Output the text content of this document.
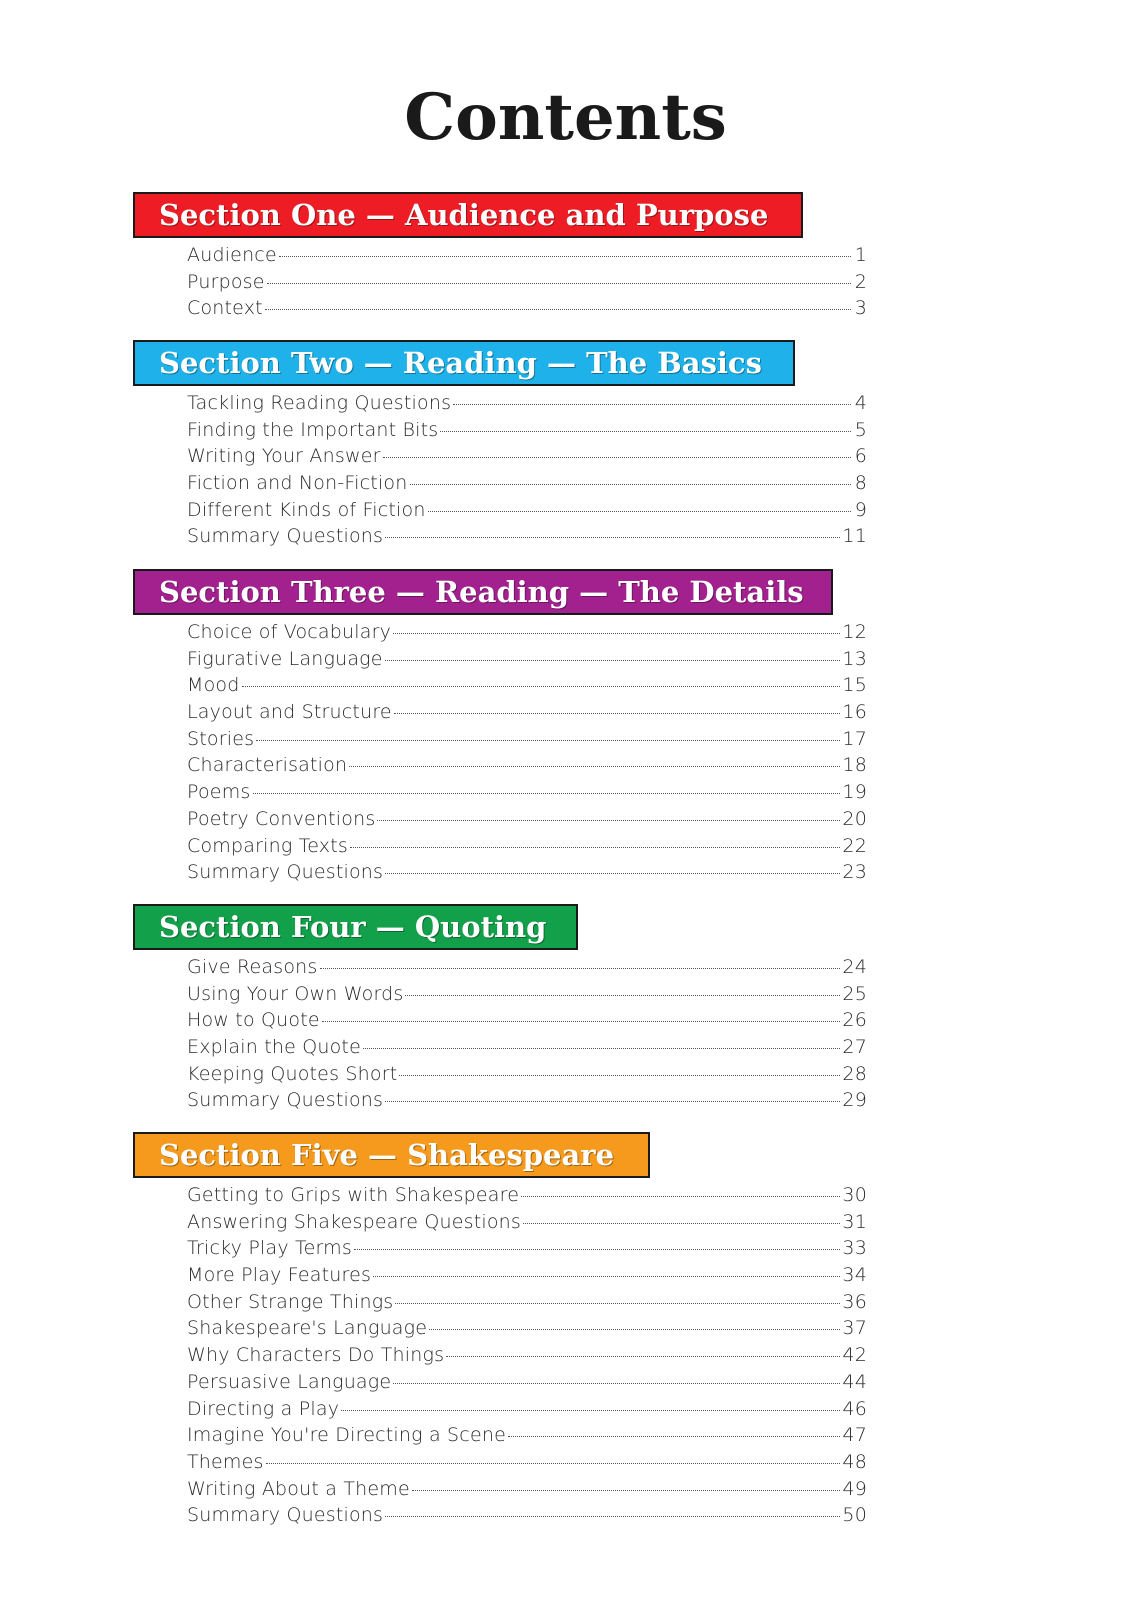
Contents
Section One — Audience and Purpose
Audience	1
Purpose	2
Context	3
Section Two — Reading — The Basics
Tackling Reading Questions	4
Finding the Important Bits	5
Writing Your Answer	6
Fiction and Non-Fiction	8
Different Kinds of Fiction	9
Summary Questions	11
Section Three — Reading — The Details
Choice of Vocabulary	12
Figurative Language	13
Mood	15
Layout and Structure	16
Stories	17
Characterisation	18
Poems	19
Poetry Conventions	20
Comparing Texts	22
Summary Questions	23
Section Four — Quoting
Give Reasons	24
Using Your Own Words	25
How to Quote	26
Explain the Quote	27
Keeping Quotes Short	28
Summary Questions	29
Section Five — Shakespeare
Getting to Grips with Shakespeare	30
Answering Shakespeare Questions	31
Tricky Play Terms	33
More Play Features	34
Other Strange Things	36
Shakespeare's Language	37
Why Characters Do Things	42
Persuasive Language	44
Directing a Play	46
Imagine You're Directing a Scene	47
Themes	48
Writing About a Theme	49
Summary Questions	50
